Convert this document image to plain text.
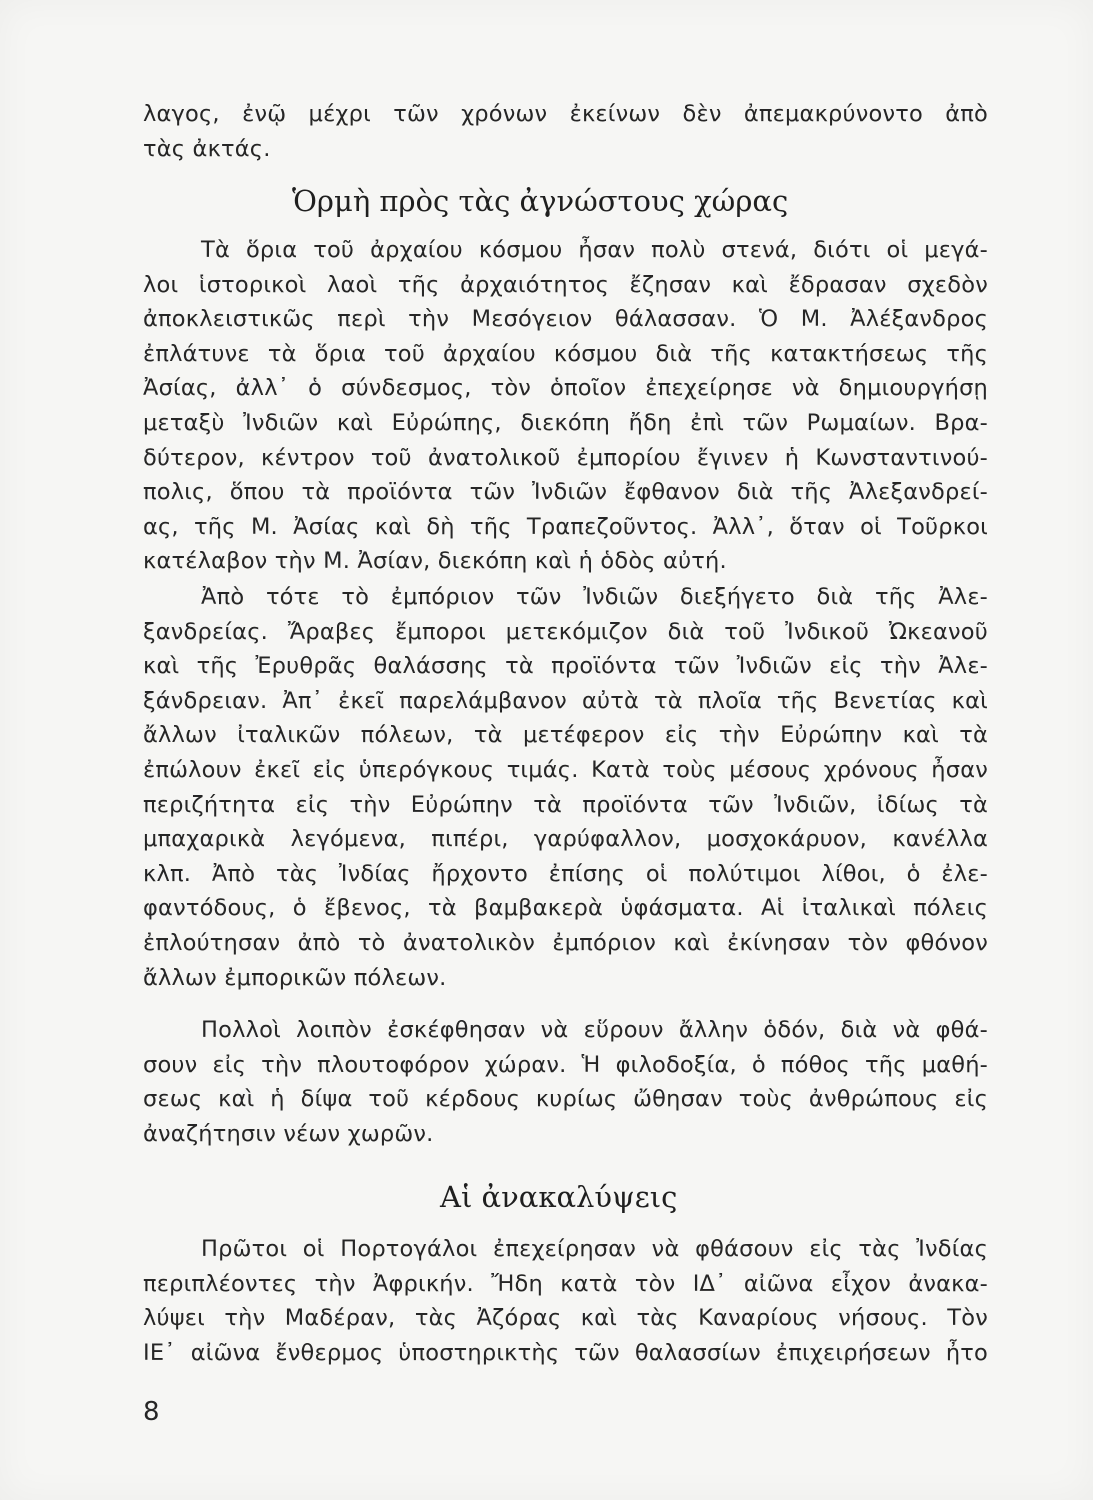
λαγος, ἐνῷ μέχρι τῶν χρόνων ἐκείνων δὲν ἀπεμακρύνοντο ἀπὸ
τὰς ἀκτάς.
Ὁρμὴ πρὸς τὰς ἀγνώστους χώρας
Τὰ ὅρια τοῦ ἀρχαίου κόσμου ἦσαν πολὺ στενά, διότι οἱ μεγά-
λοι ἱστορικοὶ λαοὶ τῆς ἀρχαιότητος ἔζησαν καὶ ἔδρασαν σχεδὸν
ἀποκλειστικῶς περὶ τὴν Μεσόγειον θάλασσαν. Ὁ Μ. Ἀλέξανδρος
ἐπλάτυνε τὰ ὅρια τοῦ ἀρχαίου κόσμου διὰ τῆς κατακτήσεως τῆς
Ἀσίας, ἀλλ᾽ ὁ σύνδεσμος, τὸν ὁποῖον ἐπεχείρησε νὰ δημιουργήσῃ
μεταξὺ Ἰνδιῶν καὶ Εὐρώπης, διεκόπη ἤδη ἐπὶ τῶν Ρωμαίων. Βρα-
δύτερον, κέντρον τοῦ ἀνατολικοῦ ἐμπορίου ἔγινεν ἡ Κωνσταντινού-
πολις, ὅπου τὰ προϊόντα τῶν Ἰνδιῶν ἔφθανον διὰ τῆς Ἀλεξανδρεί-
ας, τῆς Μ. Ἀσίας καὶ δὴ τῆς Τραπεζοῦντος. Ἀλλ᾽, ὅταν οἱ Τοῦρκοι
κατέλαβον τὴν Μ. Ἀσίαν, διεκόπη καὶ ἡ ὁδὸς αὐτή.
Ἀπὸ τότε τὸ ἐμπόριον τῶν Ἰνδιῶν διεξήγετο διὰ τῆς Ἀλε-
ξανδρείας. Ἄραβες ἔμποροι μετεκόμιζον διὰ τοῦ Ἰνδικοῦ Ὠκεανοῦ
καὶ τῆς Ἐρυθρᾶς θαλάσσης τὰ προϊόντα τῶν Ἰνδιῶν εἰς τὴν Ἀλε-
ξάνδρειαν. Ἀπ᾽ ἐκεῖ παρελάμβανον αὐτὰ τὰ πλοῖα τῆς Βενετίας καὶ
ἄλλων ἰταλικῶν πόλεων, τὰ μετέφερον εἰς τὴν Εὐρώπην καὶ τὰ
ἐπώλουν ἐκεῖ εἰς ὑπερόγκους τιμάς. Κατὰ τοὺς μέσους χρόνους ἦσαν
περιζήτητα εἰς τὴν Εὐρώπην τὰ προϊόντα τῶν Ἰνδιῶν, ἰδίως τὰ
μπαχαρικὰ λεγόμενα, πιπέρι, γαρύφαλλον, μοσχοκάρυον, κανέλλα
κλπ. Ἀπὸ τὰς Ἰνδίας ἤρχοντο ἐπίσης οἱ πολύτιμοι λίθοι, ὁ ἐλε-
φαντόδους, ὁ ἔβενος, τὰ βαμβακερὰ ὑφάσματα. Αἱ ἰταλικαὶ πόλεις
ἐπλούτησαν ἀπὸ τὸ ἀνατολικὸν ἐμπόριον καὶ ἐκίνησαν τὸν φθόνον
ἄλλων ἐμπορικῶν πόλεων.
Πολλοὶ λοιπὸν ἐσκέφθησαν νὰ εὕρουν ἄλλην ὁδόν, διὰ νὰ φθά-
σουν εἰς τὴν πλουτοφόρον χώραν. Ἡ φιλοδοξία, ὁ πόθος τῆς μαθή-
σεως καὶ ἡ δίψα τοῦ κέρδους κυρίως ὤθησαν τοὺς ἀνθρώπους εἰς
ἀναζήτησιν νέων χωρῶν.
Αἱ ἀνακαλύψεις
Πρῶτοι οἱ Πορτογάλοι ἐπεχείρησαν νὰ φθάσουν εἰς τὰς Ἰνδίας
περιπλέοντες τὴν Ἀφρικήν. Ἤδη κατὰ τὸν ΙΔ᾽ αἰῶνα εἶχον ἀνακα-
λύψει τὴν Μαδέραν, τὰς Ἀζόρας καὶ τὰς Καναρίους νήσους. Τὸν
ΙΕ᾽ αἰῶνα ἔνθερμος ὑποστηρικτὴς τῶν θαλασσίων ἐπιχειρήσεων ἦτο
8
